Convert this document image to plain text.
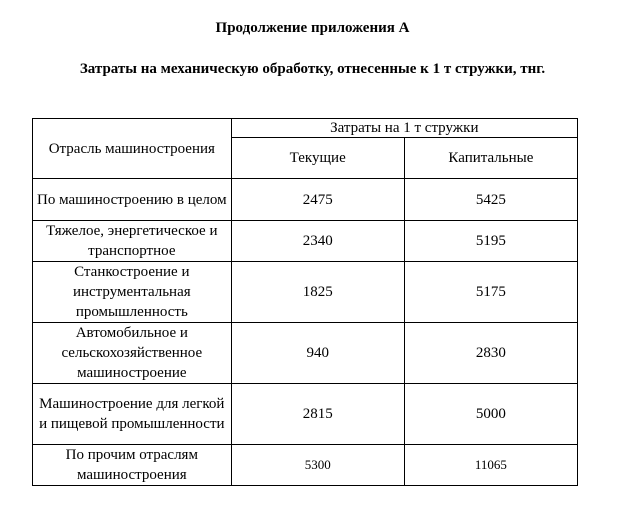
Продолжение приложения А
Затраты на механическую обработку, отнесенные к 1 т стружки, тнг.
Отрасль машиностроения	Затраты на 1 т стружки	
	Текущие	Капитальные
По машиностроению в целом	2475	5425
Тяжелое, энергетическое и транспортное	2340	5195
Станкостроение и инструментальная промышленность	1825	5175
Автомобильное и сельскохозяйственное машиностроение	940	2830
Машиностроение для легкой и пищевой промышленности	2815	5000
По прочим отраслям машиностроения	5300	11065
